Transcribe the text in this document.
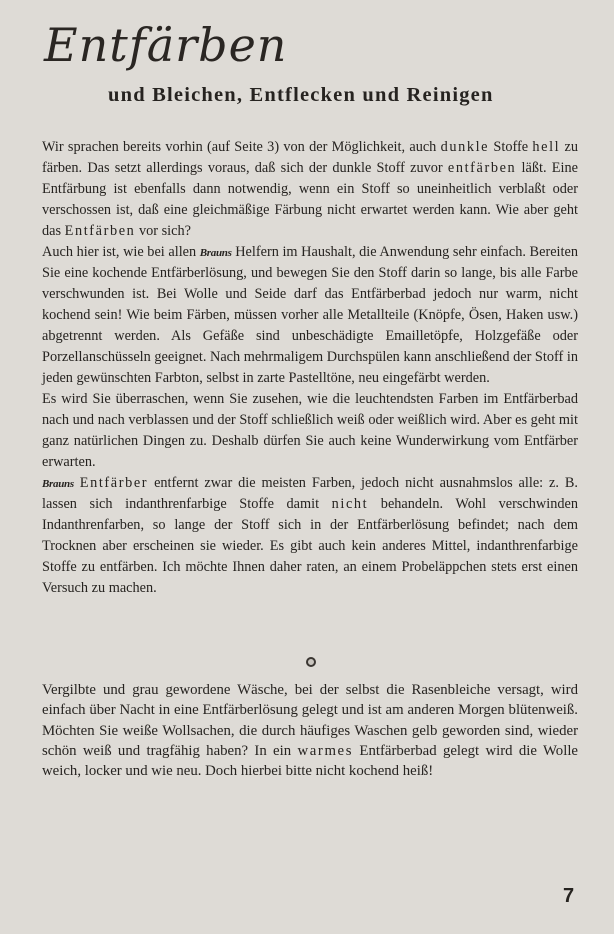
Entfärben
und Bleichen, Entflecken und Reinigen

Wir sprachen bereits vorhin (auf Seite 3) von der Möglichkeit, auch dunkle Stoffe hell zu färben. Das setzt allerdings voraus, daß sich der dunkle Stoff zuvor entfärben läßt. Eine Entfärbung ist ebenfalls dann notwendig, wenn ein Stoff so uneinheitlich verblaßt oder verschossen ist, daß eine gleichmäßige Färbung nicht erwartet werden kann. Wie aber geht das Entfärben vor sich?

Auch hier ist, wie bei allen Brauns Helfern im Haushalt, die Anwendung sehr einfach. Bereiten Sie eine kochende Entfärberlösung, und bewegen Sie den Stoff darin so lange, bis alle Farbe verschwunden ist. Bei Wolle und Seide darf das Entfärberbad jedoch nur warm, nicht kochend sein! Wie beim Färben, müssen vorher alle Metallteile (Knöpfe, Ösen, Haken usw.) abgetrennt werden. Als Gefäße sind unbeschädigte Emailletöpfe, Holzgefäße oder Porzellanschüsseln geeignet. Nach mehrmaligem Durchspülen kann anschließend der Stoff in jeden gewünschten Farbton, selbst in zarte Pastelltöne, neu eingefärbt werden.

Es wird Sie überraschen, wenn Sie zusehen, wie die leuchtendsten Farben im Entfärberbad nach und nach verblassen und der Stoff schließlich weiß oder weißlich wird. Aber es geht mit ganz natürlichen Dingen zu. Deshalb dürfen Sie auch keine Wunderwirkung vom Entfärber erwarten.

Brauns Entfärber entfernt zwar die meisten Farben, jedoch nicht ausnahmslos alle: z. B. lassen sich indanthrenfarbige Stoffe damit nicht behandeln. Wohl verschwinden Indanthrenfarben, so lange der Stoff sich in der Entfärberlösung befindet; nach dem Trocknen aber erscheinen sie wieder. Es gibt auch kein anderes Mittel, indanthrenfarbige Stoffe zu entfärben. Ich möchte Ihnen daher raten, an einem Probeläppchen stets erst einen Versuch zu machen.

Vergilbte und grau gewordene Wäsche, bei der selbst die Rasenbleiche versagt, wird einfach über Nacht in eine Entfärberlösung gelegt und ist am anderen Morgen blütenweiß. Möchten Sie weiße Wollsachen, die durch häufiges Waschen gelb geworden sind, wieder schön weiß und tragfähig haben? In ein warmes Entfärberbad gelegt wird die Wolle weich, locker und wie neu. Doch hierbei bitte nicht kochend heiß!

7
